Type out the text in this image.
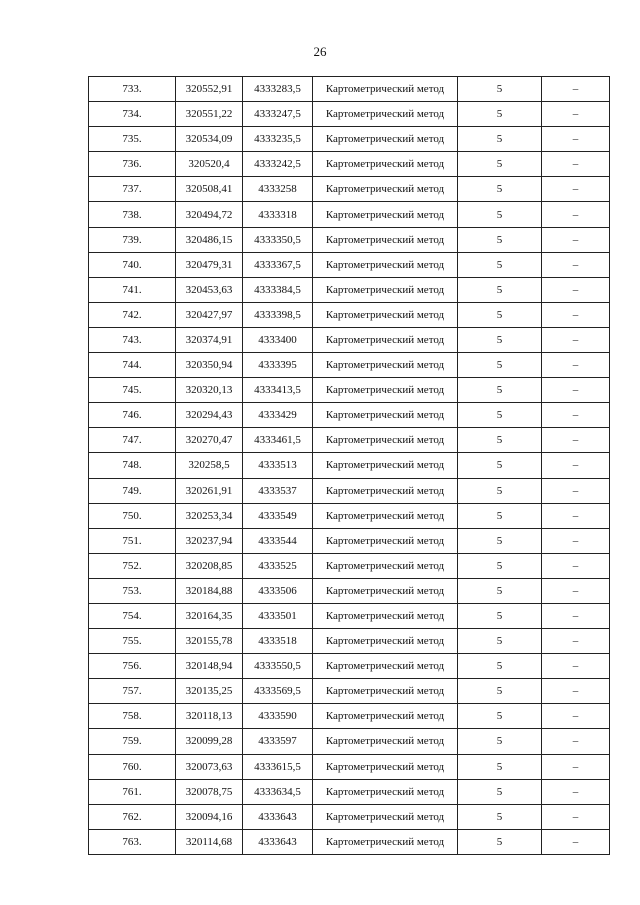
26
733.	320552,91	4333283,5	Картометрический метод	5	–
734.	320551,22	4333247,5	Картометрический метод	5	–
735.	320534,09	4333235,5	Картометрический метод	5	–
736.	320520,4	4333242,5	Картометрический метод	5	–
737.	320508,41	4333258	Картометрический метод	5	–
738.	320494,72	4333318	Картометрический метод	5	–
739.	320486,15	4333350,5	Картометрический метод	5	–
740.	320479,31	4333367,5	Картометрический метод	5	–
741.	320453,63	4333384,5	Картометрический метод	5	–
742.	320427,97	4333398,5	Картометрический метод	5	–
743.	320374,91	4333400	Картометрический метод	5	–
744.	320350,94	4333395	Картометрический метод	5	–
745.	320320,13	4333413,5	Картометрический метод	5	–
746.	320294,43	4333429	Картометрический метод	5	–
747.	320270,47	4333461,5	Картометрический метод	5	–
748.	320258,5	4333513	Картометрический метод	5	–
749.	320261,91	4333537	Картометрический метод	5	–
750.	320253,34	4333549	Картометрический метод	5	–
751.	320237,94	4333544	Картометрический метод	5	–
752.	320208,85	4333525	Картометрический метод	5	–
753.	320184,88	4333506	Картометрический метод	5	–
754.	320164,35	4333501	Картометрический метод	5	–
755.	320155,78	4333518	Картометрический метод	5	–
756.	320148,94	4333550,5	Картометрический метод	5	–
757.	320135,25	4333569,5	Картометрический метод	5	–
758.	320118,13	4333590	Картометрический метод	5	–
759.	320099,28	4333597	Картометрический метод	5	–
760.	320073,63	4333615,5	Картометрический метод	5	–
761.	320078,75	4333634,5	Картометрический метод	5	–
762.	320094,16	4333643	Картометрический метод	5	–
763.	320114,68	4333643	Картометрический метод	5	–
